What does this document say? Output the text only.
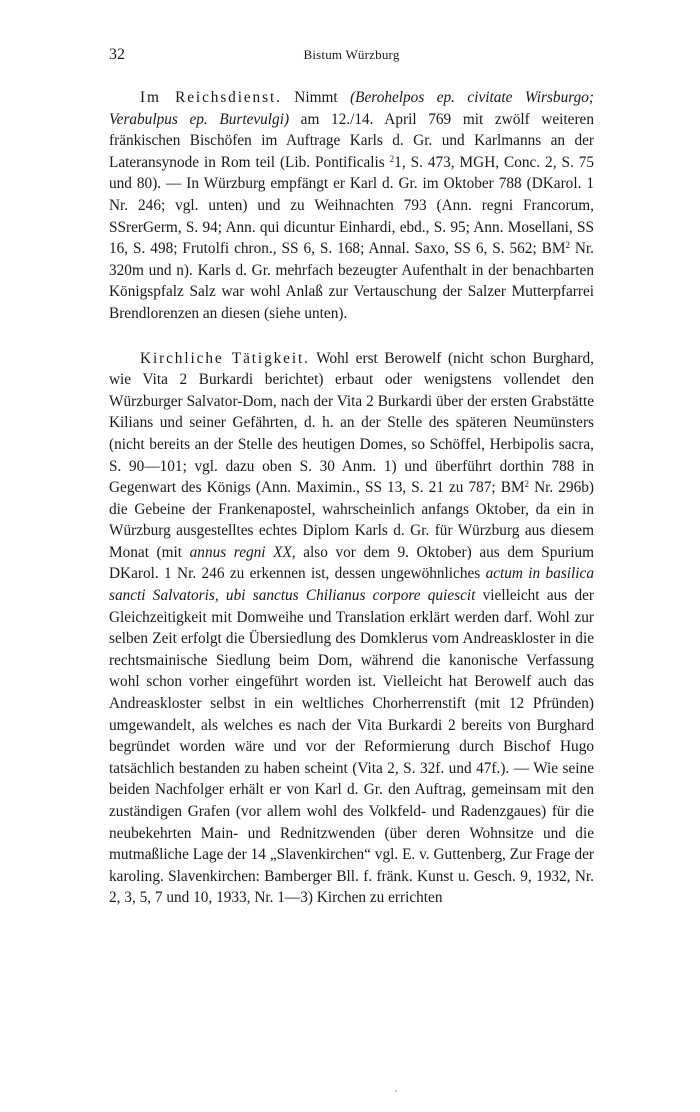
32	Bistum Würzburg

Im Reichsdienst. Nimmt (Berohelpos ep. civitate Wirsburgo; Verabulpus ep. Burtevulgi) am 12./14. April 769 mit zwölf weiteren fränkischen Bischöfen im Auftrage Karls d. Gr. und Karlmanns an der Lateransynode in Rom teil (Lib. Pontificalis $^2$1, S. 473, MGH, Conc. 2, S. 75 und 80). — In Würzburg empfängt er Karl d. Gr. im Oktober 788 (DKarol. 1 Nr. 246; vgl. unten) und zu Weihnachten 793 (Ann. regni Francorum, SSrerGerm, S. 94; Ann. qui dicuntur Einhardi, ebd., S. 95; Ann. Mosellani, SS 16, S. 498; Frutolfi chron., SS 6, S. 168; Annal. Saxo, SS 6, S. 562; $BM^2$ Nr. 320m und n). Karls d. Gr. mehrfach bezeugter Aufenthalt in der benachbarten Königspfalz Salz war wohl Anlaß zur Vertauschung der Salzer Mutterpfarrei Brendlorenzen an diesen (siehe unten).

Kirchliche Tätigkeit. Wohl erst Berowelf (nicht schon Burghard, wie Vita 2 Burkardi berichtet) erbaut oder wenigstens vollendet den Würzburger Salvator-Dom, nach der Vita 2 Burkardi über der ersten Grabstätte Kilians und seiner Gefährten, d. h. an der Stelle des späteren Neumünsters (nicht bereits an der Stelle des heutigen Domes, so Schöffel, Herbipolis sacra, S. 90—101; vgl. dazu oben S. 30 Anm. 1) und überführt dorthin 788 in Gegenwart des Königs (Ann. Maximin., SS 13, S. 21 zu 787; $BM^2$ Nr. 296b) die Gebeine der Frankenapostel, wahrscheinlich anfangs Oktober, da ein in Würzburg ausgestelltes echtes Diplom Karls d. Gr. für Würzburg aus diesem Monat (mit annus regni XX, also vor dem 9. Oktober) aus dem Spurium DKarol. 1 Nr. 246 zu erkennen ist, dessen ungewöhnliches actum in basilica sancti Salvatoris, ubi sanctus Chilianus corpore quiescit vielleicht aus der Gleichzeitigkeit mit Domweihe und Translation erklärt werden darf. Wohl zur selben Zeit erfolgt die Übersiedlung des Domklerus vom Andreaskloster in die rechtsmainische Siedlung beim Dom, während die kanonische Verfassung wohl schon vorher eingeführt worden ist. Vielleicht hat Berowelf auch das Andreaskloster selbst in ein weltliches Chorherrenstift (mit 12 Pfründen) umgewandelt, als welches es nach der Vita Burkardi 2 bereits von Burghard begründet worden wäre und vor der Reformierung durch Bischof Hugo tatsächlich bestanden zu haben scheint (Vita 2, S. 32f. und 47f.). — Wie seine beiden Nachfolger erhält er von Karl d. Gr. den Auftrag, gemeinsam mit den zuständigen Grafen (vor allem wohl des Volkfeld- und Radenzgaues) für die neubekehrten Main- und Rednitzwenden (über deren Wohnsitze und die mutmaßliche Lage der 14 „Slavenkirchen“ vgl. E. v. Guttenberg, Zur Frage der karoling. Slavenkirchen: Bamberger Bll. f. fränk. Kunst u. Gesch. 9, 1932, Nr. 2, 3, 5, 7 und 10, 1933, Nr. 1—3) Kirchen zu errichten
